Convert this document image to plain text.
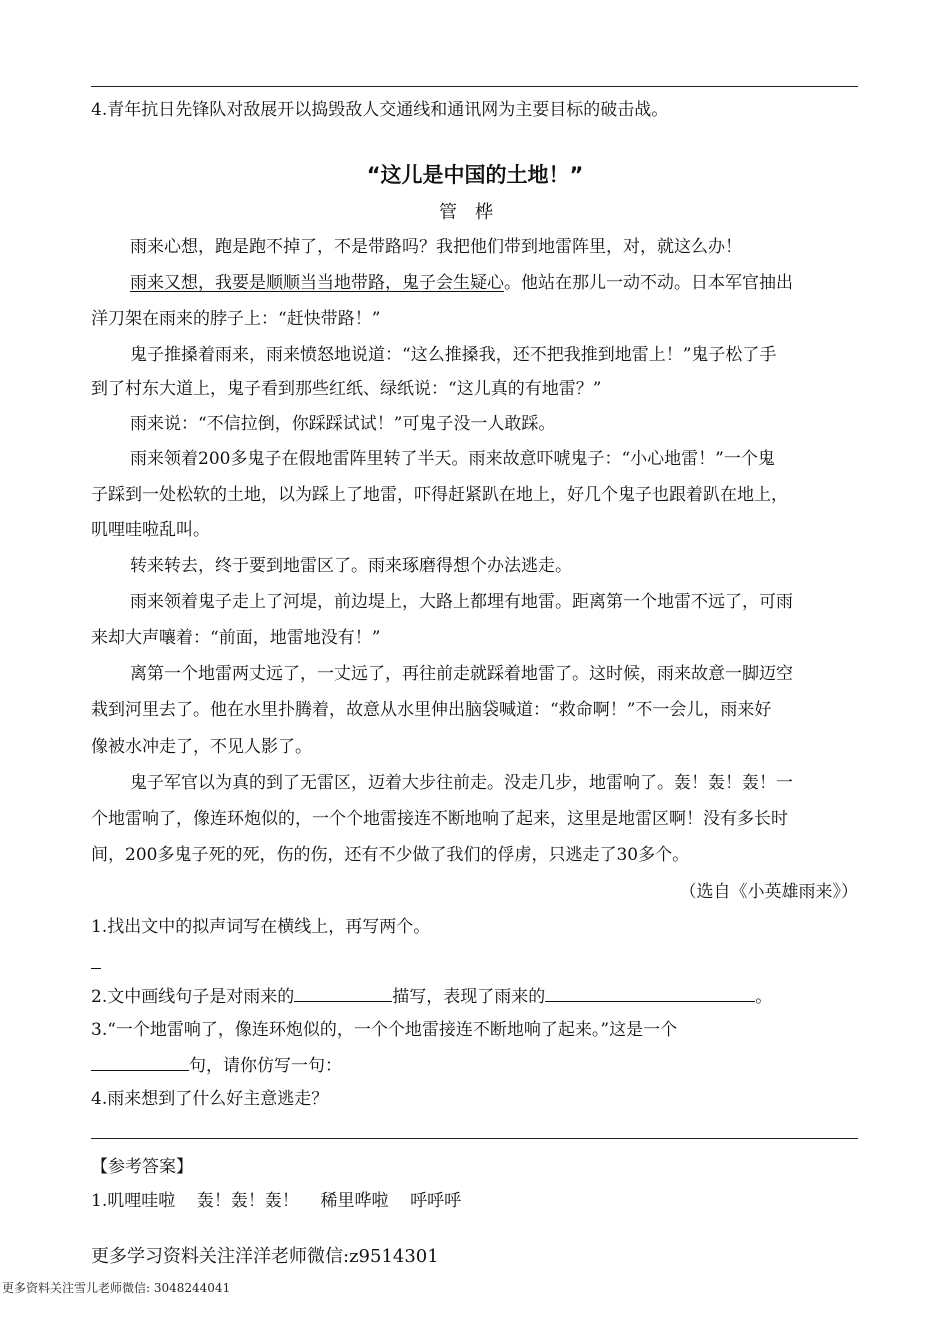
4.青年抗日先锋队对敌展开以捣毁敌人交通线和通讯网为主要目标的破击战。
“这儿是中国的土地！”
管桦
雨来心想，跑是跑不掉了，不是带路吗？我把他们带到地雷阵里，对，就这么办！
雨来又想，我要是顺顺当当地带路，鬼子会生疑心。他站在那儿一动不动。日本军官抽出
洋刀架在雨来的脖子上：“赶快带路！”
鬼子推搡着雨来，雨来愤怒地说道：“这么推搡我，还不把我推到地雷上！”鬼子松了手
到了村东大道上，鬼子看到那些红纸、绿纸说：“这儿真的有地雷？”
雨来说：“不信拉倒，你踩踩试试！”可鬼子没一人敢踩。
雨来领着200多鬼子在假地雷阵里转了半天。雨来故意吓唬鬼子：“小心地雷！”一个鬼
子踩到一处松软的土地，以为踩上了地雷，吓得赶紧趴在地上，好几个鬼子也跟着趴在地上，
叽哩哇啦乱叫。
转来转去，终于要到地雷区了。雨来琢磨得想个办法逃走。
雨来领着鬼子走上了河堤，前边堤上，大路上都埋有地雷。距离第一个地雷不远了，可雨
来却大声嚷着：“前面，地雷地没有！”
离第一个地雷两丈远了，一丈远了，再往前走就踩着地雷了。这时候，雨来故意一脚迈空
栽到河里去了。他在水里扑腾着，故意从水里伸出脑袋喊道：“救命啊！”不一会儿，雨来好
像被水冲走了，不见人影了。
鬼子军官以为真的到了无雷区，迈着大步往前走。没走几步，地雷响了。轰！轰！轰！一
个地雷响了，像连环炮似的，一个个地雷接连不断地响了起来，这里是地雷区啊！没有多长时
间，200多鬼子死的死，伤的伤，还有不少做了我们的俘虏，只逃走了30多个。
（选自《小英雄雨来》）
1.找出文中的拟声词写在横线上，再写两个。
2.文中画线句子是对雨来的	描写，表现了雨来的	。
3.“一个地雷响了，像连环炮似的，一个个地雷接连不断地响了起来。”这是一个
句，请你仿写一句：
4.雨来想到了什么好主意逃走？
【参考答案】
1.叽哩哇啦    轰！轰！轰！    稀里哗啦    呼呼呼
更多学习资料关注洋洋老师微信:z9514301
更多资料关注雪儿老师微信: 3048244041
